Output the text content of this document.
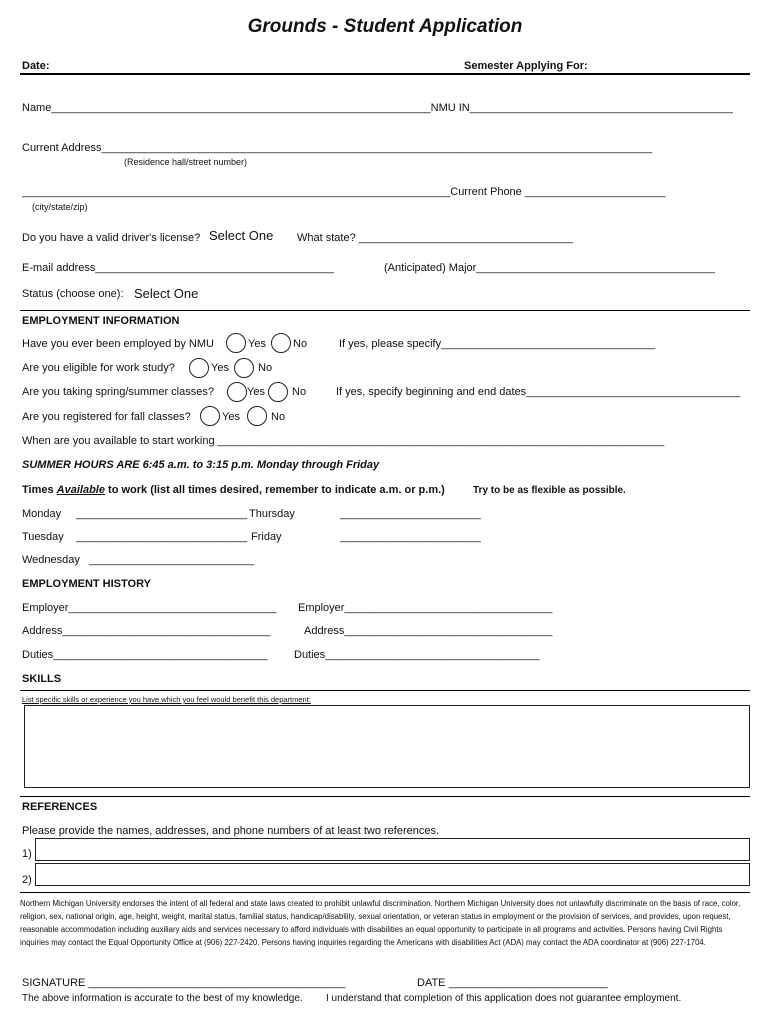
Grounds - Student Application
Date:	Semester Applying For:
Name______________________________________________________________NMU IN___________________________________________
Current Address__________________________________________________________________________________________
(Residence hall/street number)
______________________________________________________________________Current Phone _______________________
(city/state/zip)
Do you have a valid driver's license? Select One What state? ___________________________________
E-mail address_______________________________________	(Anticipated) Major_______________________________________
Status (choose one): Select One
EMPLOYMENT INFORMATION
Have you ever been employed by NMU	Yes No	If yes, please specify___________________________________
Are you eligible for work study?	Yes	No
Are you taking spring/summer classes?	Yes No	If yes, specify beginning and end dates___________________________________
Are you registered for fall classes?	Yes	No
When are you available to start working _________________________________________________________________________
SUMMER HOURS ARE 6:45 a.m. to 3:15 p.m. Monday through Friday
Times Available to work (list all times desired, remember to indicate a.m. or p.m.)	Try to be as flexible as possible.
Monday ____________________________ Thursday	_______________________
Tuesday ____________________________ Friday	_______________________
Wednesday ___________________________
EMPLOYMENT HISTORY
Employer__________________________________ Employer__________________________________
Address__________________________________	Address__________________________________
Duties___________________________________ Duties___________________________________
SKILLS
List specific skills or experience you have which you feel would benefit this department:
REFERENCES
Please provide the names, addresses, and phone numbers of at least two references.
1)
2)
Northern Michigan University endorses the intent of all federal and state laws created to prohibit unlawful discrimination. Northern Michigan University does not unlawfully discriminate on the basis of race, color, religion, sex, national origin, age, height, weight, marital status, familial status, handicap/disability, sexual orientation, or veteran status in employment or the provision of services, and provides, upon request, reasonable accommodation including auxiliary aids and services necessary to afford individuals with disabilities an equal opportunity to participate in all programs and activities. Persons having Civil Rights inquiries may contact the Equal Opportunity Office at (906) 227-2420. Persons having inquiries regarding the Americans with disabilities Act (ADA) may contact the ADA coordinator at (906) 227-1704.
SIGNATURE __________________________________________	DATE __________________________
The above information is accurate to the best of my knowledge. I understand that completion of this application does not guarantee employment.
